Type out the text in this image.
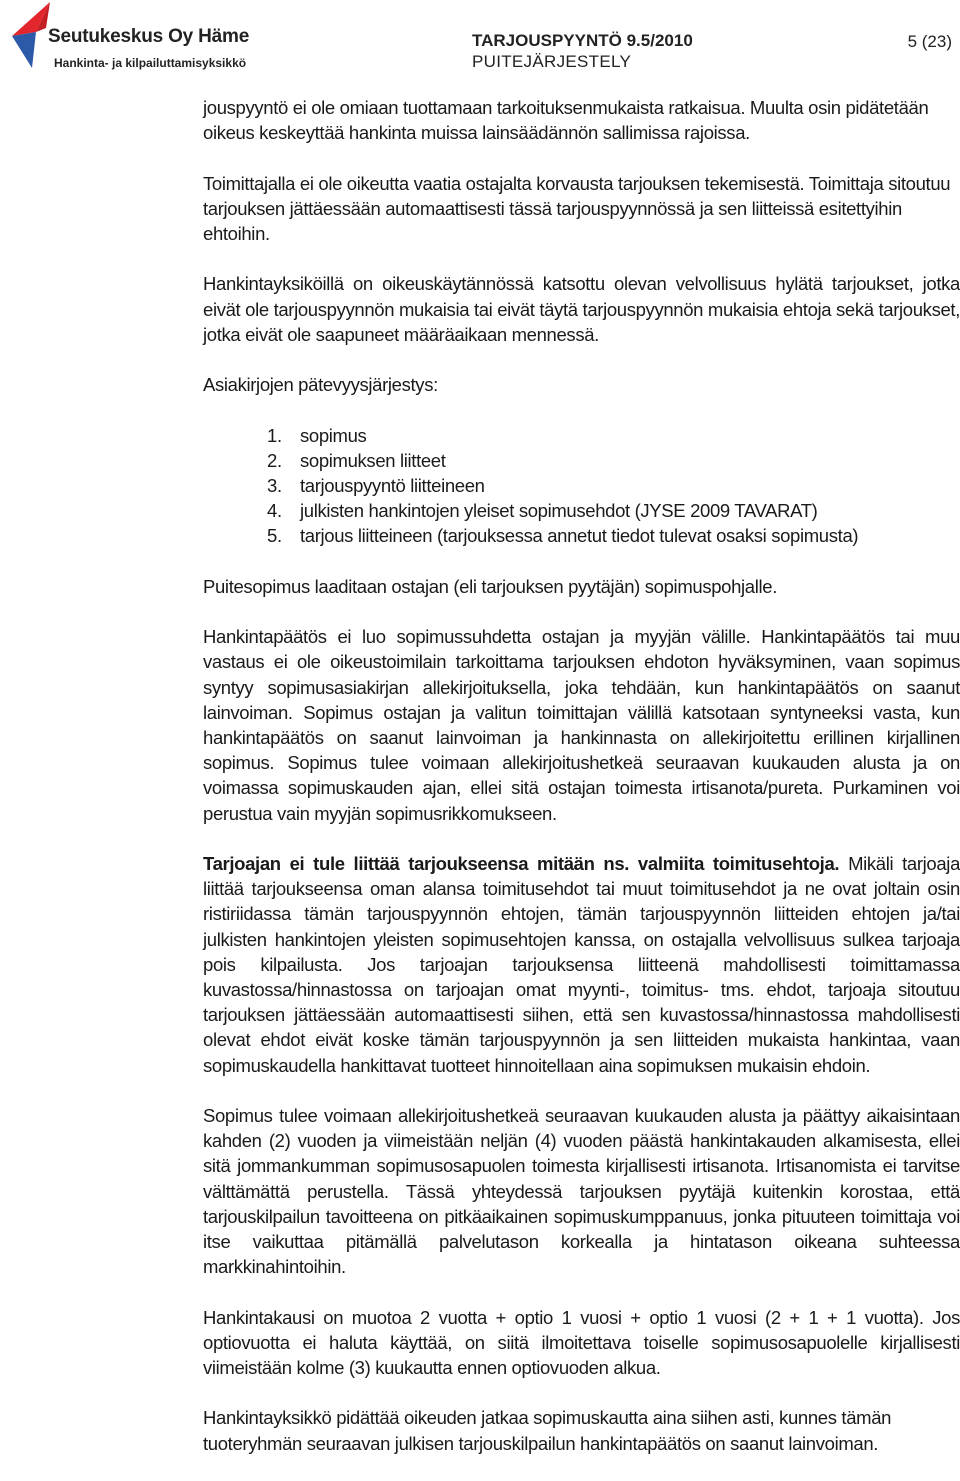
Seutukeskus Oy Häme
Hankinta- ja kilpailuttamisyksikkö
TARJOUSPYYNTÖ 9.5/2010
PUITEJÄRJESTELY
5 (23)

jouspyyntö ei ole omiaan tuottamaan tarkoituksenmukaista ratkaisua. Muulta osin pidätetään oikeus keskeyttää hankinta muissa lainsäädännön sallimissa rajoissa.

Toimittajalla ei ole oikeutta vaatia ostajalta korvausta tarjouksen tekemisestä. Toimittaja sitoutuu tarjouksen jättäessään automaattisesti tässä tarjouspyynnössä ja sen liitteissä esitettyihin ehtoihin.

Hankintayksiköillä on oikeuskäytännössä katsottu olevan velvollisuus hylätä tarjoukset, jotka eivät ole tarjouspyynnön mukaisia tai eivät täytä tarjouspyynnön mukaisia ehtoja sekä tarjoukset, jotka eivät ole saapuneet määräaikaan mennessä.

Asiakirjojen pätevyysjärjestys:

1. sopimus
2. sopimuksen liitteet
3. tarjouspyyntö liitteineen
4. julkisten hankintojen yleiset sopimusehdot (JYSE 2009 TAVARAT)
5. tarjous liitteineen (tarjouksessa annetut tiedot tulevat osaksi sopimusta)

Puitesopimus laaditaan ostajan (eli tarjouksen pyytäjän) sopimuspohjalle.

Hankintapäätös ei luo sopimussuhdetta ostajan ja myyjän välille. Hankintapäätös tai muu vastaus ei ole oikeustoimilain tarkoittama tarjouksen ehdoton hyväksyminen, vaan sopimus syntyy sopimusasiakirjan allekirjoituksella, joka tehdään, kun hankintapäätös on saanut lainvoiman. Sopimus ostajan ja valitun toimittajan välillä katsotaan syntyneeksi vasta, kun hankintapäätös on saanut lainvoiman ja hankinnasta on allekirjoitettu erillinen kirjallinen sopimus. Sopimus tulee voimaan allekirjoitushetkeä seuraavan kuukauden alusta ja on voimassa sopimuskauden ajan, ellei sitä ostajan toimesta irtisanota/pureta. Purkaminen voi perustua vain myyjän sopimusrikkomukseen.

Tarjoajan ei tule liittää tarjoukseensa mitään ns. valmiita toimitusehtoja. Mikäli tarjoaja liittää tarjoukseensa oman alansa toimitusehdot tai muut toimitusehdot ja ne ovat joltain osin ristiriidassa tämän tarjouspyynnön ehtojen, tämän tarjouspyynnön liitteiden ehtojen ja/tai julkisten hankintojen yleisten sopimusehtojen kanssa, on ostajalla velvollisuus sulkea tarjoaja pois kilpailusta. Jos tarjoajan tarjouksensa liitteenä mahdollisesti toimittamassa kuvastossa/hinnastossa on tarjoajan omat myynti-, toimitus- tms. ehdot, tarjoaja sitoutuu tarjouksen jättäessään automaattisesti siihen, että sen kuvastossa/hinnastossa mahdollisesti olevat ehdot eivät koske tämän tarjouspyynnön ja sen liitteiden mukaista hankintaa, vaan sopimuskaudella hankittavat tuotteet hinnoitellaan aina sopimuksen mukaisin ehdoin.

Sopimus tulee voimaan allekirjoitushetkeä seuraavan kuukauden alusta ja päättyy aikaisintaan kahden (2) vuoden ja viimeistään neljän (4) vuoden päästä hankintakauden alkamisesta, ellei sitä jommankumman sopimusosapuolen toimesta kirjallisesti irtisanota. Irtisanomista ei tarvitse välttämättä perustella. Tässä yhteydessä tarjouksen pyytäjä kuitenkin korostaa, että tarjouskilpailun tavoitteena on pitkäaikainen sopimuskumppanuus, jonka pituuteen toimittaja voi itse vaikuttaa pitämällä palvelutason korkealla ja hintatason oikeana suhteessa markkinahintoihin.

Hankintakausi on muotoa 2 vuotta + optio 1 vuosi + optio 1 vuosi (2 + 1 + 1 vuotta). Jos optiovuotta ei haluta käyttää, on siitä ilmoitettava toiselle sopimusosapuolelle kirjallisesti viimeistään kolme (3) kuukautta ennen optiovuoden alkua.

Hankintayksikkö pidättää oikeuden jatkaa sopimuskautta aina siihen asti, kunnes tämän tuoteryhmän seuraavan julkisen tarjouskilpailun hankintapäätös on saanut lainvoiman.
